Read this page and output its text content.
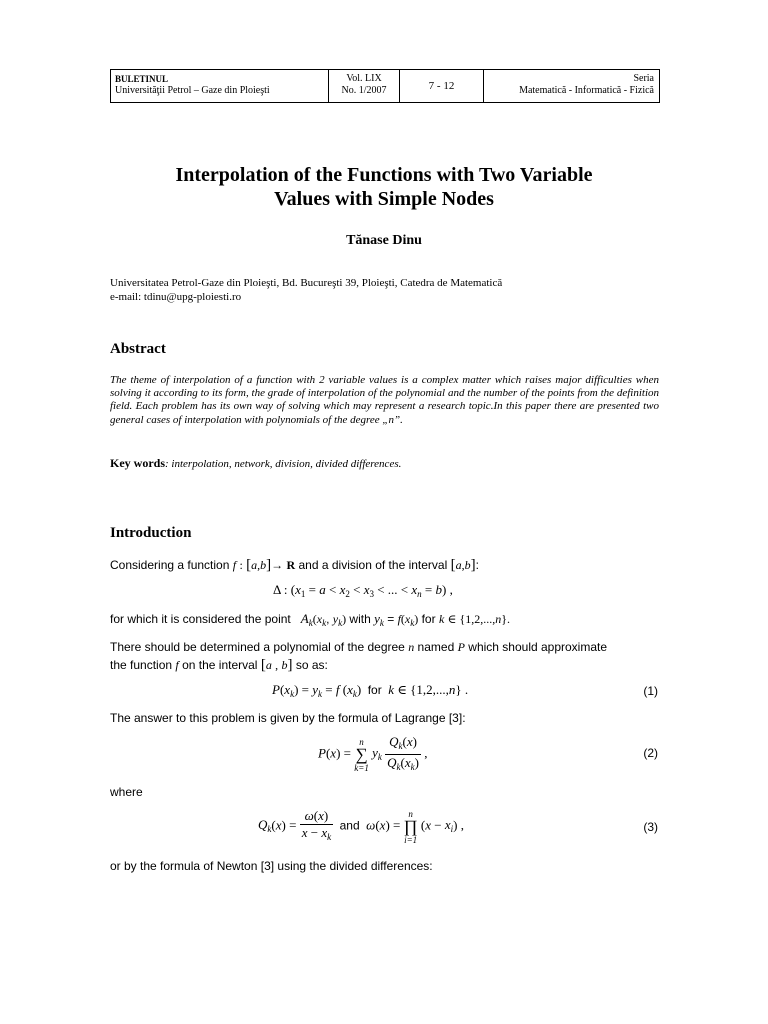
BULETINUL
Universităţii Petrol – Gaze din Ploieşti
Vol. LIX
No. 1/2007	7 - 12
Seria
Matematică - Informatică - Fizică
Interpolation of the Functions with Two Variable
Values with Simple Nodes
Tănase Dinu
Universitatea Petrol-Gaze din Ploieşti, Bd. Bucureşti 39, Ploieşti, Catedra de Matematică
e-mail: tdinu@upg-ploiesti.ro
Abstract
The theme of interpolation of a function with 2 variable values is a complex matter which raises major difficulties when solving it according to its form, the grade of interpolation of the polynomial and the number of the points from the definition field. Each problem has its own way of solving which may represent a research topic.In this paper there are presented two general cases of interpolation with polynomials of the degree „n”.
Key words: interpolation, network, division, divided differences.
Introduction
Considering a function f : [a,b]→ R and a division of the interval [a,b]:
Δ : ($x_1 = a < x_2 < x_3$ < ... < $x_n = b$) ,
for which it is considered the point $A_k(x_k$, $y_k$) with $y_k = f(x_k)$ for k ∈ {1,2,...,n}.
There should be determined a polynomial of the degree n named P which should approximate
the function f on the interval [a , b] so as:
$P(x_k) = y_k = f$ $(x_k)$  for k ∈ {1,2,...,n} .	(1)
The answer to this problem is given by the formula of Lagrange [3]:
P(x) =
n
∑
k=1
$y_k \frac{Q_k(x)}{Q_k(x_k)}$ ,	(2)
where
$Q_k(x) = \frac{\omega(x)}{x - x_k}$ and ω(x) =
n
∏
i=1
$(x - x_i)$ ,	(3)
or by the formula of Newton [3] using the divided differences:
